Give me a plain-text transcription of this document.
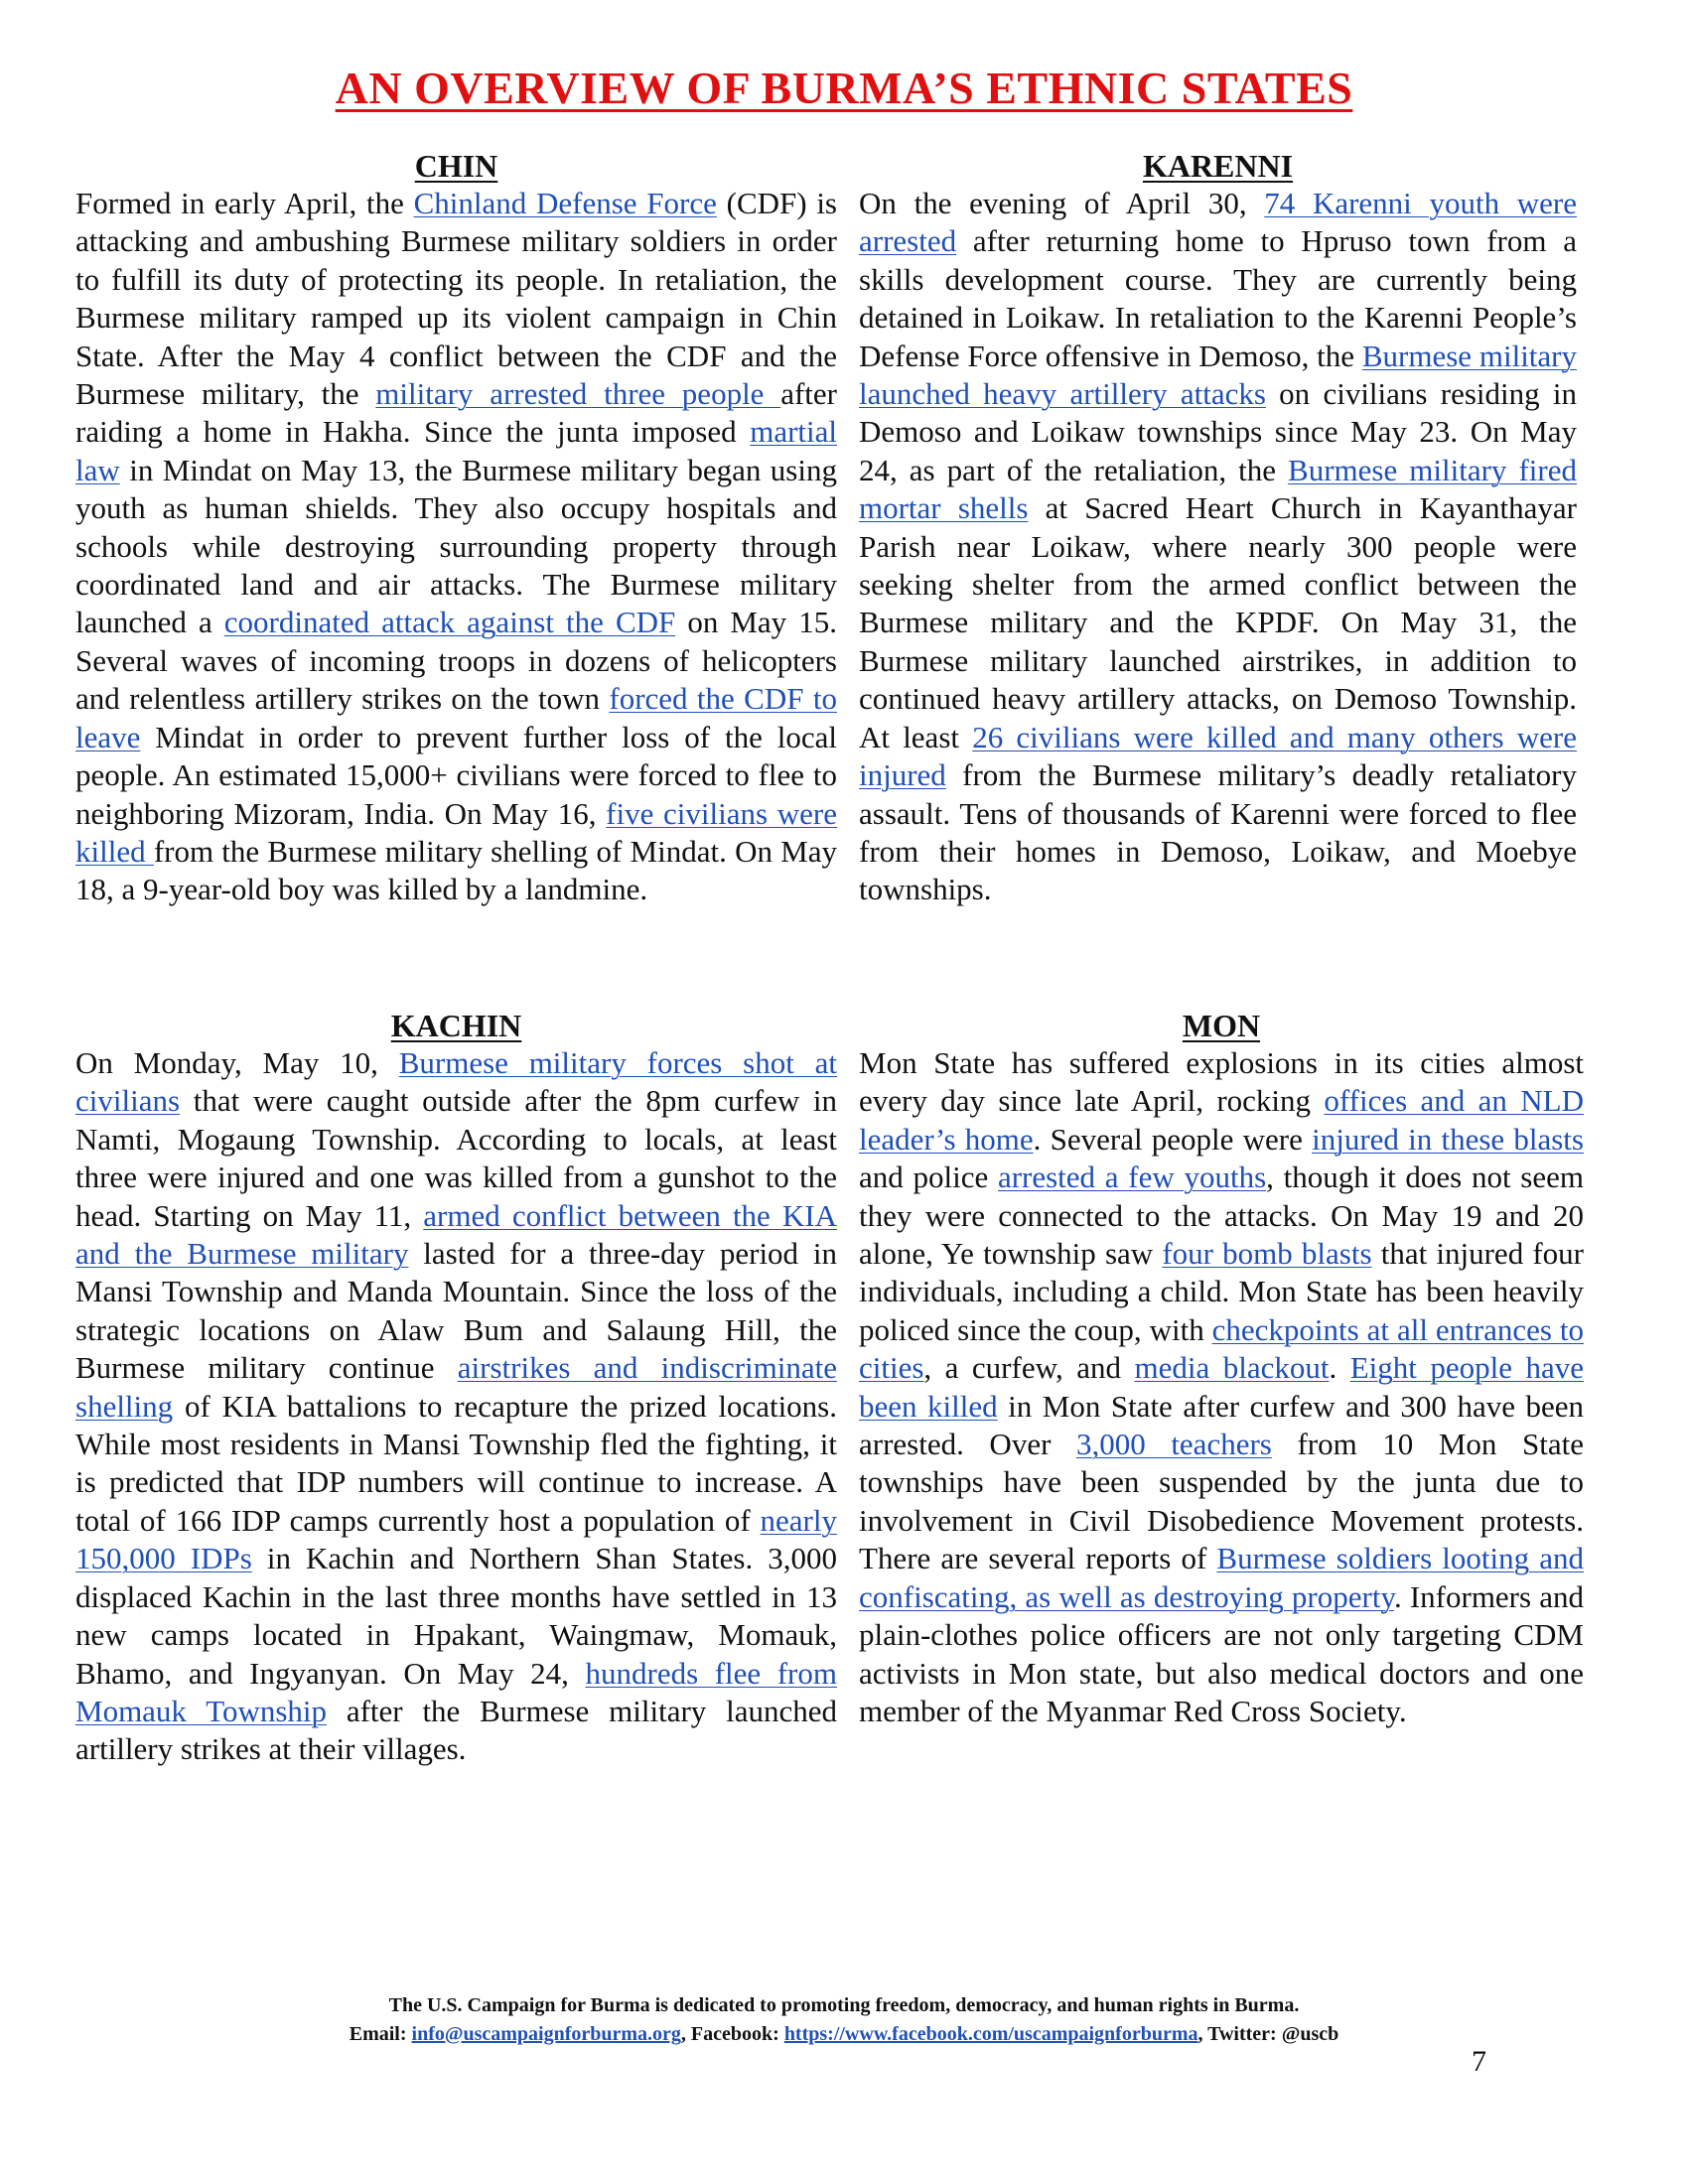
AN OVERVIEW OF BURMA’S ETHNIC STATES
CHIN

Formed in early April, the Chinland Defense Force (CDF) is attacking and ambushing Burmese military soldiers in order to fulfill its duty of protecting its people. In retaliation, the Burmese military ramped up its violent campaign in Chin State. After the May 4 conflict between the CDF and the Burmese military, the military arrested three people after raiding a home in Hakha. Since the junta imposed martial law in Mindat on May 13, the Burmese military began using youth as human shields. They also occupy hospitals and schools while destroying surrounding property through coordinated land and air attacks. The Burmese military launched a coordinated attack against the CDF on May 15. Several waves of incoming troops in dozens of helicopters and relentless artillery strikes on the town forced the CDF to leave Mindat in order to prevent further loss of the local people. An estimated 15,000+ civilians were forced to flee to neighboring Mizoram, India. On May 16, five civilians were killed from the Burmese military shelling of Mindat. On May 18, a 9-year-old boy was killed by a landmine.

KARENNI

On the evening of April 30, 74 Karenni youth were arrested after returning home to Hpruso town from a skills development course. They are currently being detained in Loikaw. In retaliation to the Karenni People’s Defense Force offensive in Demoso, the Burmese military launched heavy artillery attacks on civilians residing in Demoso and Loikaw townships since May 23. On May 24, as part of the retaliation, the Burmese military fired mortar shells at Sacred Heart Church in Kayanthayar Parish near Loikaw, where nearly 300 people were seeking shelter from the armed conflict between the Burmese military and the KPDF. On May 31, the Burmese military launched airstrikes, in addition to continued heavy artillery attacks, on Demoso Township. At least 26 civilians were killed and many others were injured from the Burmese military’s deadly retaliatory assault. Tens of thousands of Karenni were forced to flee from their homes in Demoso, Loikaw, and Moebye townships.

KACHIN

On Monday, May 10, Burmese military forces shot at civilians that were caught outside after the 8pm curfew in Namti, Mogaung Township. According to locals, at least three were injured and one was killed from a gunshot to the head. Starting on May 11, armed conflict between the KIA and the Burmese military lasted for a three-day period in Mansi Township and Manda Mountain. Since the loss of the strategic locations on Alaw Bum and Salaung Hill, the Burmese military continue airstrikes and indiscriminate shelling of KIA battalions to recapture the prized locations. While most residents in Mansi Township fled the fighting, it is predicted that IDP numbers will continue to increase. A total of 166 IDP camps currently host a population of nearly 150,000 IDPs in Kachin and Northern Shan States. 3,000 displaced Kachin in the last three months have settled in 13 new camps located in Hpakant, Waingmaw, Momauk, Bhamo, and Ingyanyan. On May 24, hundreds flee from Momauk Township after the Burmese military launched artillery strikes at their villages.

MON

Mon State has suffered explosions in its cities almost every day since late April, rocking offices and an NLD leader’s home. Several people were injured in these blasts and police arrested a few youths, though it does not seem they were connected to the attacks. On May 19 and 20 alone, Ye township saw four bomb blasts that injured four individuals, including a child. Mon State has been heavily policed since the coup, with checkpoints at all entrances to cities, a curfew, and media blackout. Eight people have been killed in Mon State after curfew and 300 have been arrested. Over 3,000 teachers from 10 Mon State townships have been suspended by the junta due to involvement in Civil Disobedience Movement protests. There are several reports of Burmese soldiers looting and confiscating, as well as destroying property. Informers and plain-clothes police officers are not only targeting CDM activists in Mon state, but also medical doctors and one member of the Myanmar Red Cross Society.

The U.S. Campaign for Burma is dedicated to promoting freedom, democracy, and human rights in Burma.
Email: info@uscampaignforburma.org, Facebook: https://www.facebook.com/uscampaignforburma, Twitter: @uscb
7
